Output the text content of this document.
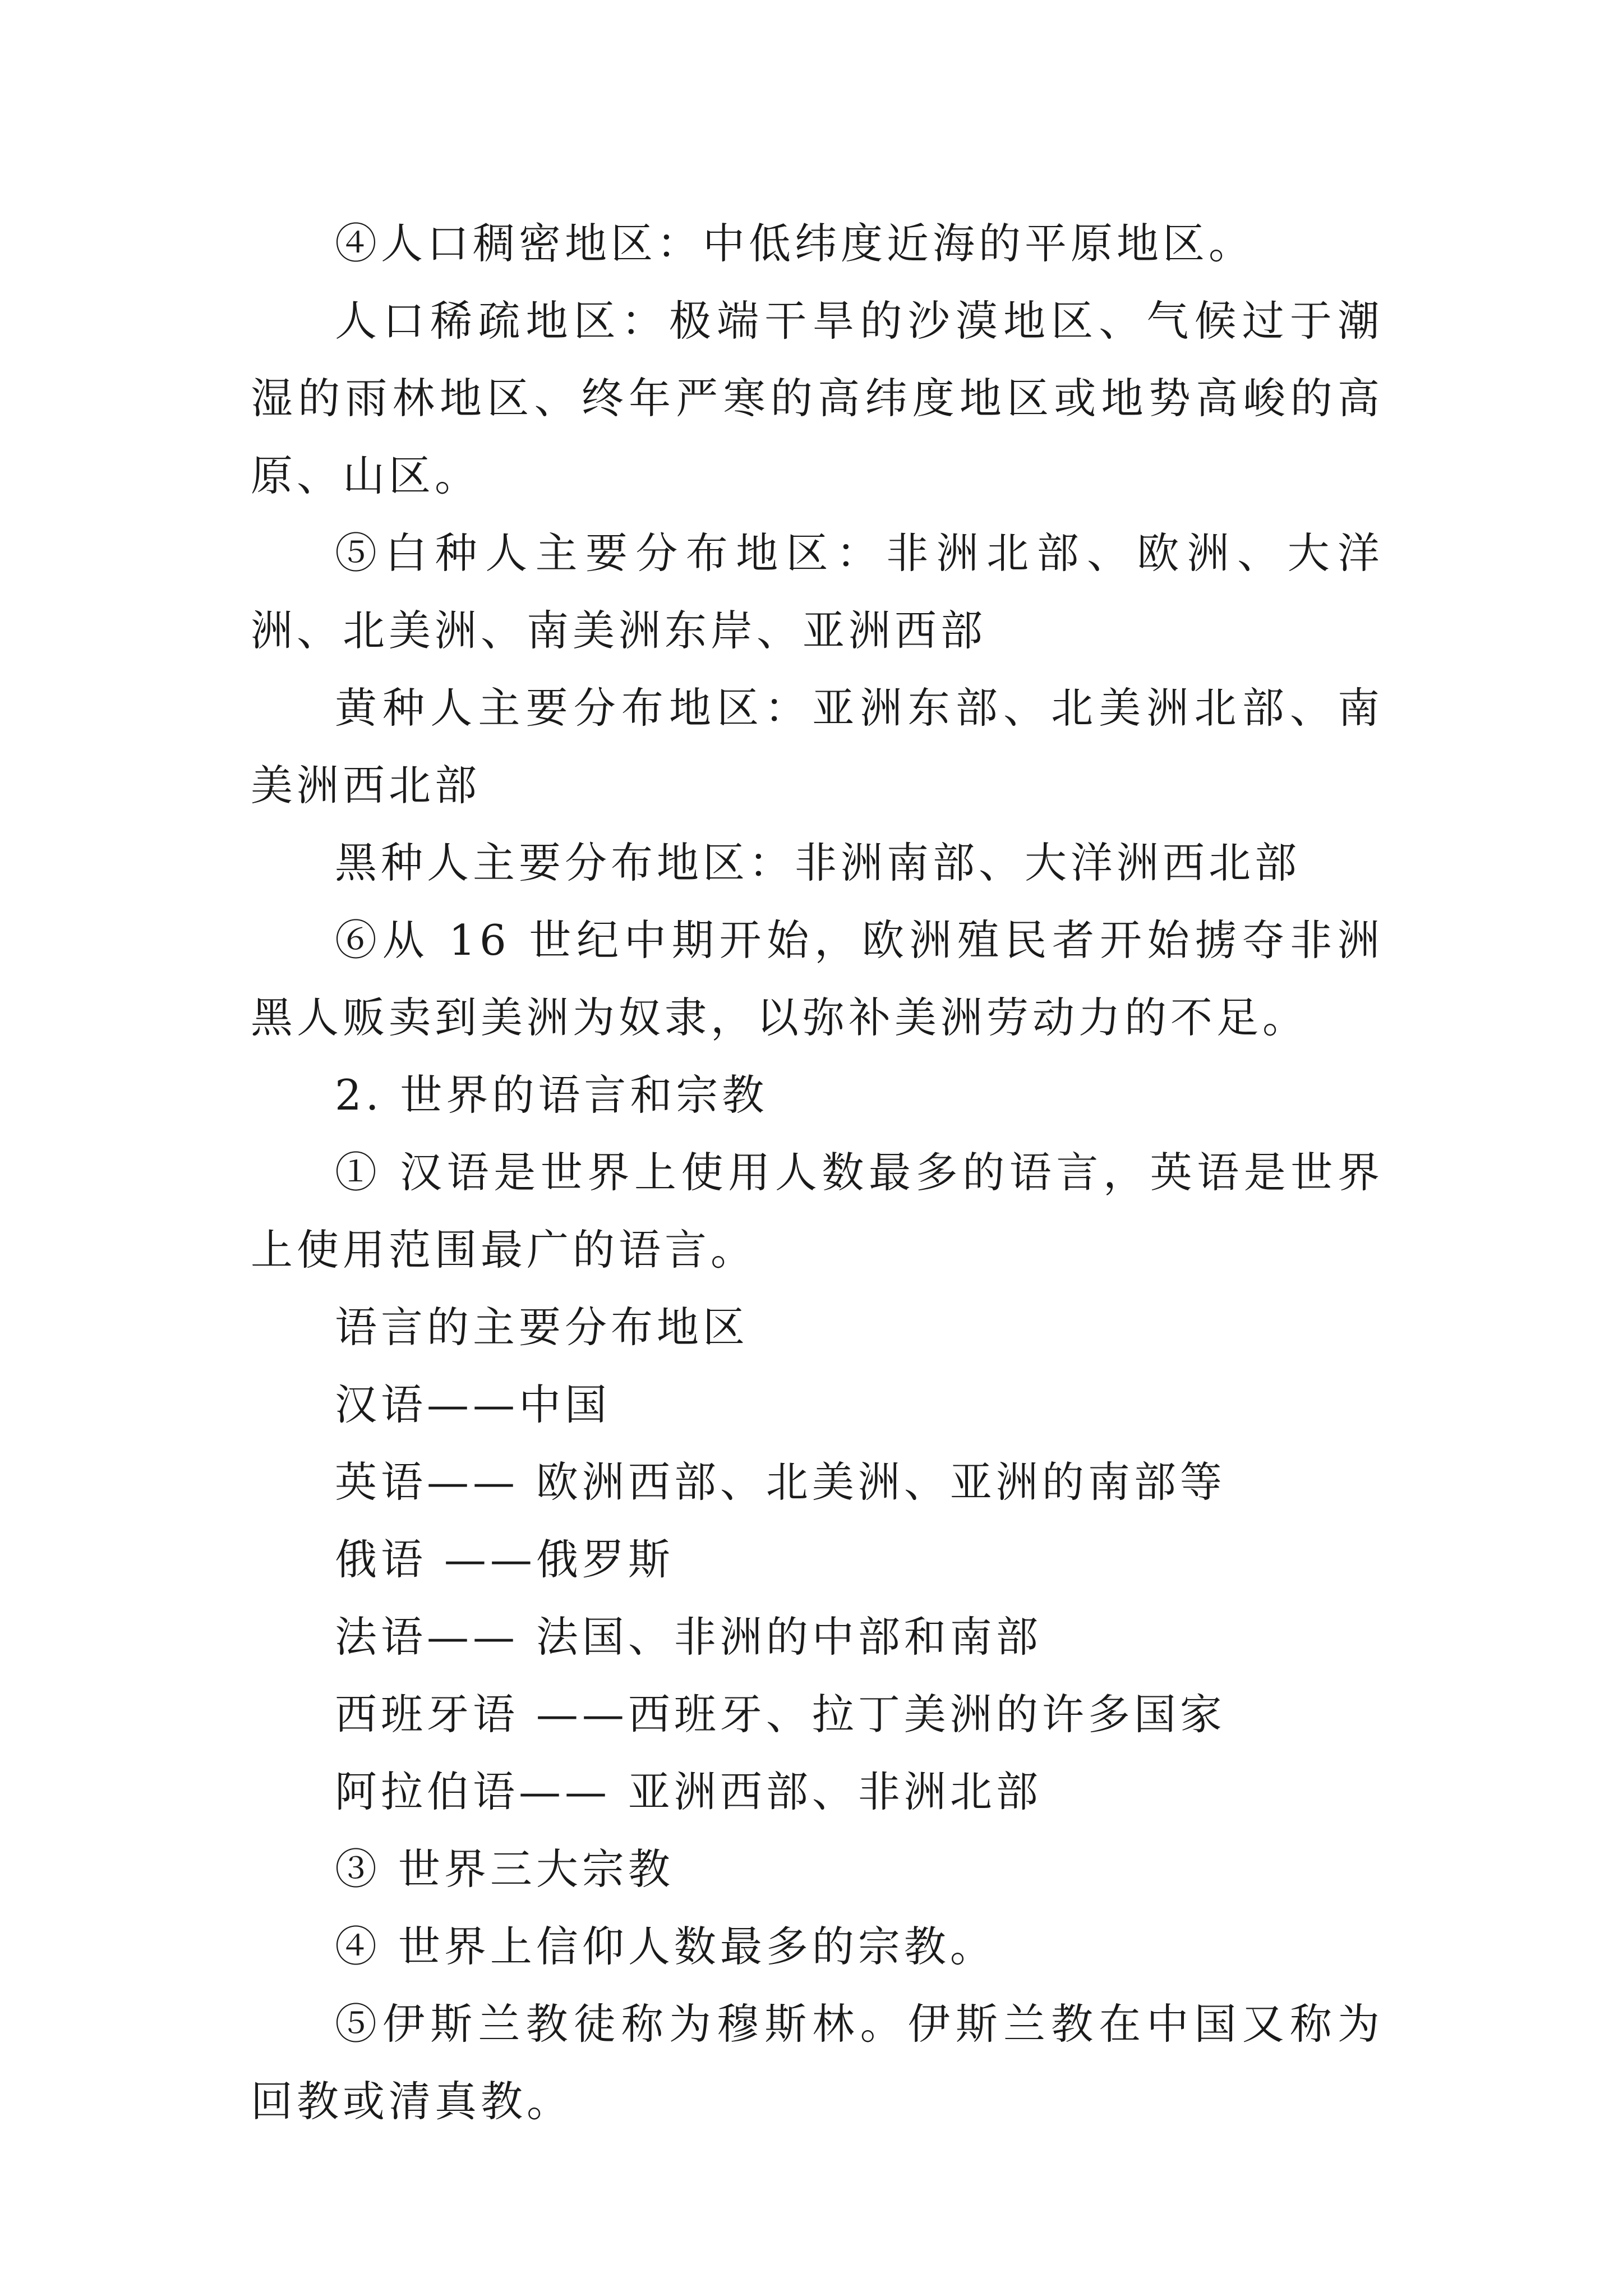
④人口稠密地区：中低纬度近海的平原地区。

人口稀疏地区：极端干旱的沙漠地区、气候过于潮湿的雨林地区、终年严寒的高纬度地区或地势高峻的高原、山区。

⑤白种人主要分布地区：非洲北部、欧洲、大洋洲、北美洲、南美洲东岸、亚洲西部

黄种人主要分布地区：亚洲东部、北美洲北部、南美洲西北部

黑种人主要分布地区：非洲南部、大洋洲西北部

⑥从 16 世纪中期开始，欧洲殖民者开始掳夺非洲黑人贩卖到美洲为奴隶，以弥补美洲劳动力的不足。

2. 世界的语言和宗教

① 汉语是世界上使用人数最多的语言，英语是世界上使用范围最广的语言。

语言的主要分布地区

汉语——中国

英语—— 欧洲西部、北美洲、亚洲的南部等

俄语 ——俄罗斯

法语—— 法国、非洲的中部和南部

西班牙语 ——西班牙、拉丁美洲的许多国家

阿拉伯语—— 亚洲西部、非洲北部

③ 世界三大宗教

④ 世界上信仰人数最多的宗教。

⑤伊斯兰教徒称为穆斯林。伊斯兰教在中国又称为回教或清真教。
